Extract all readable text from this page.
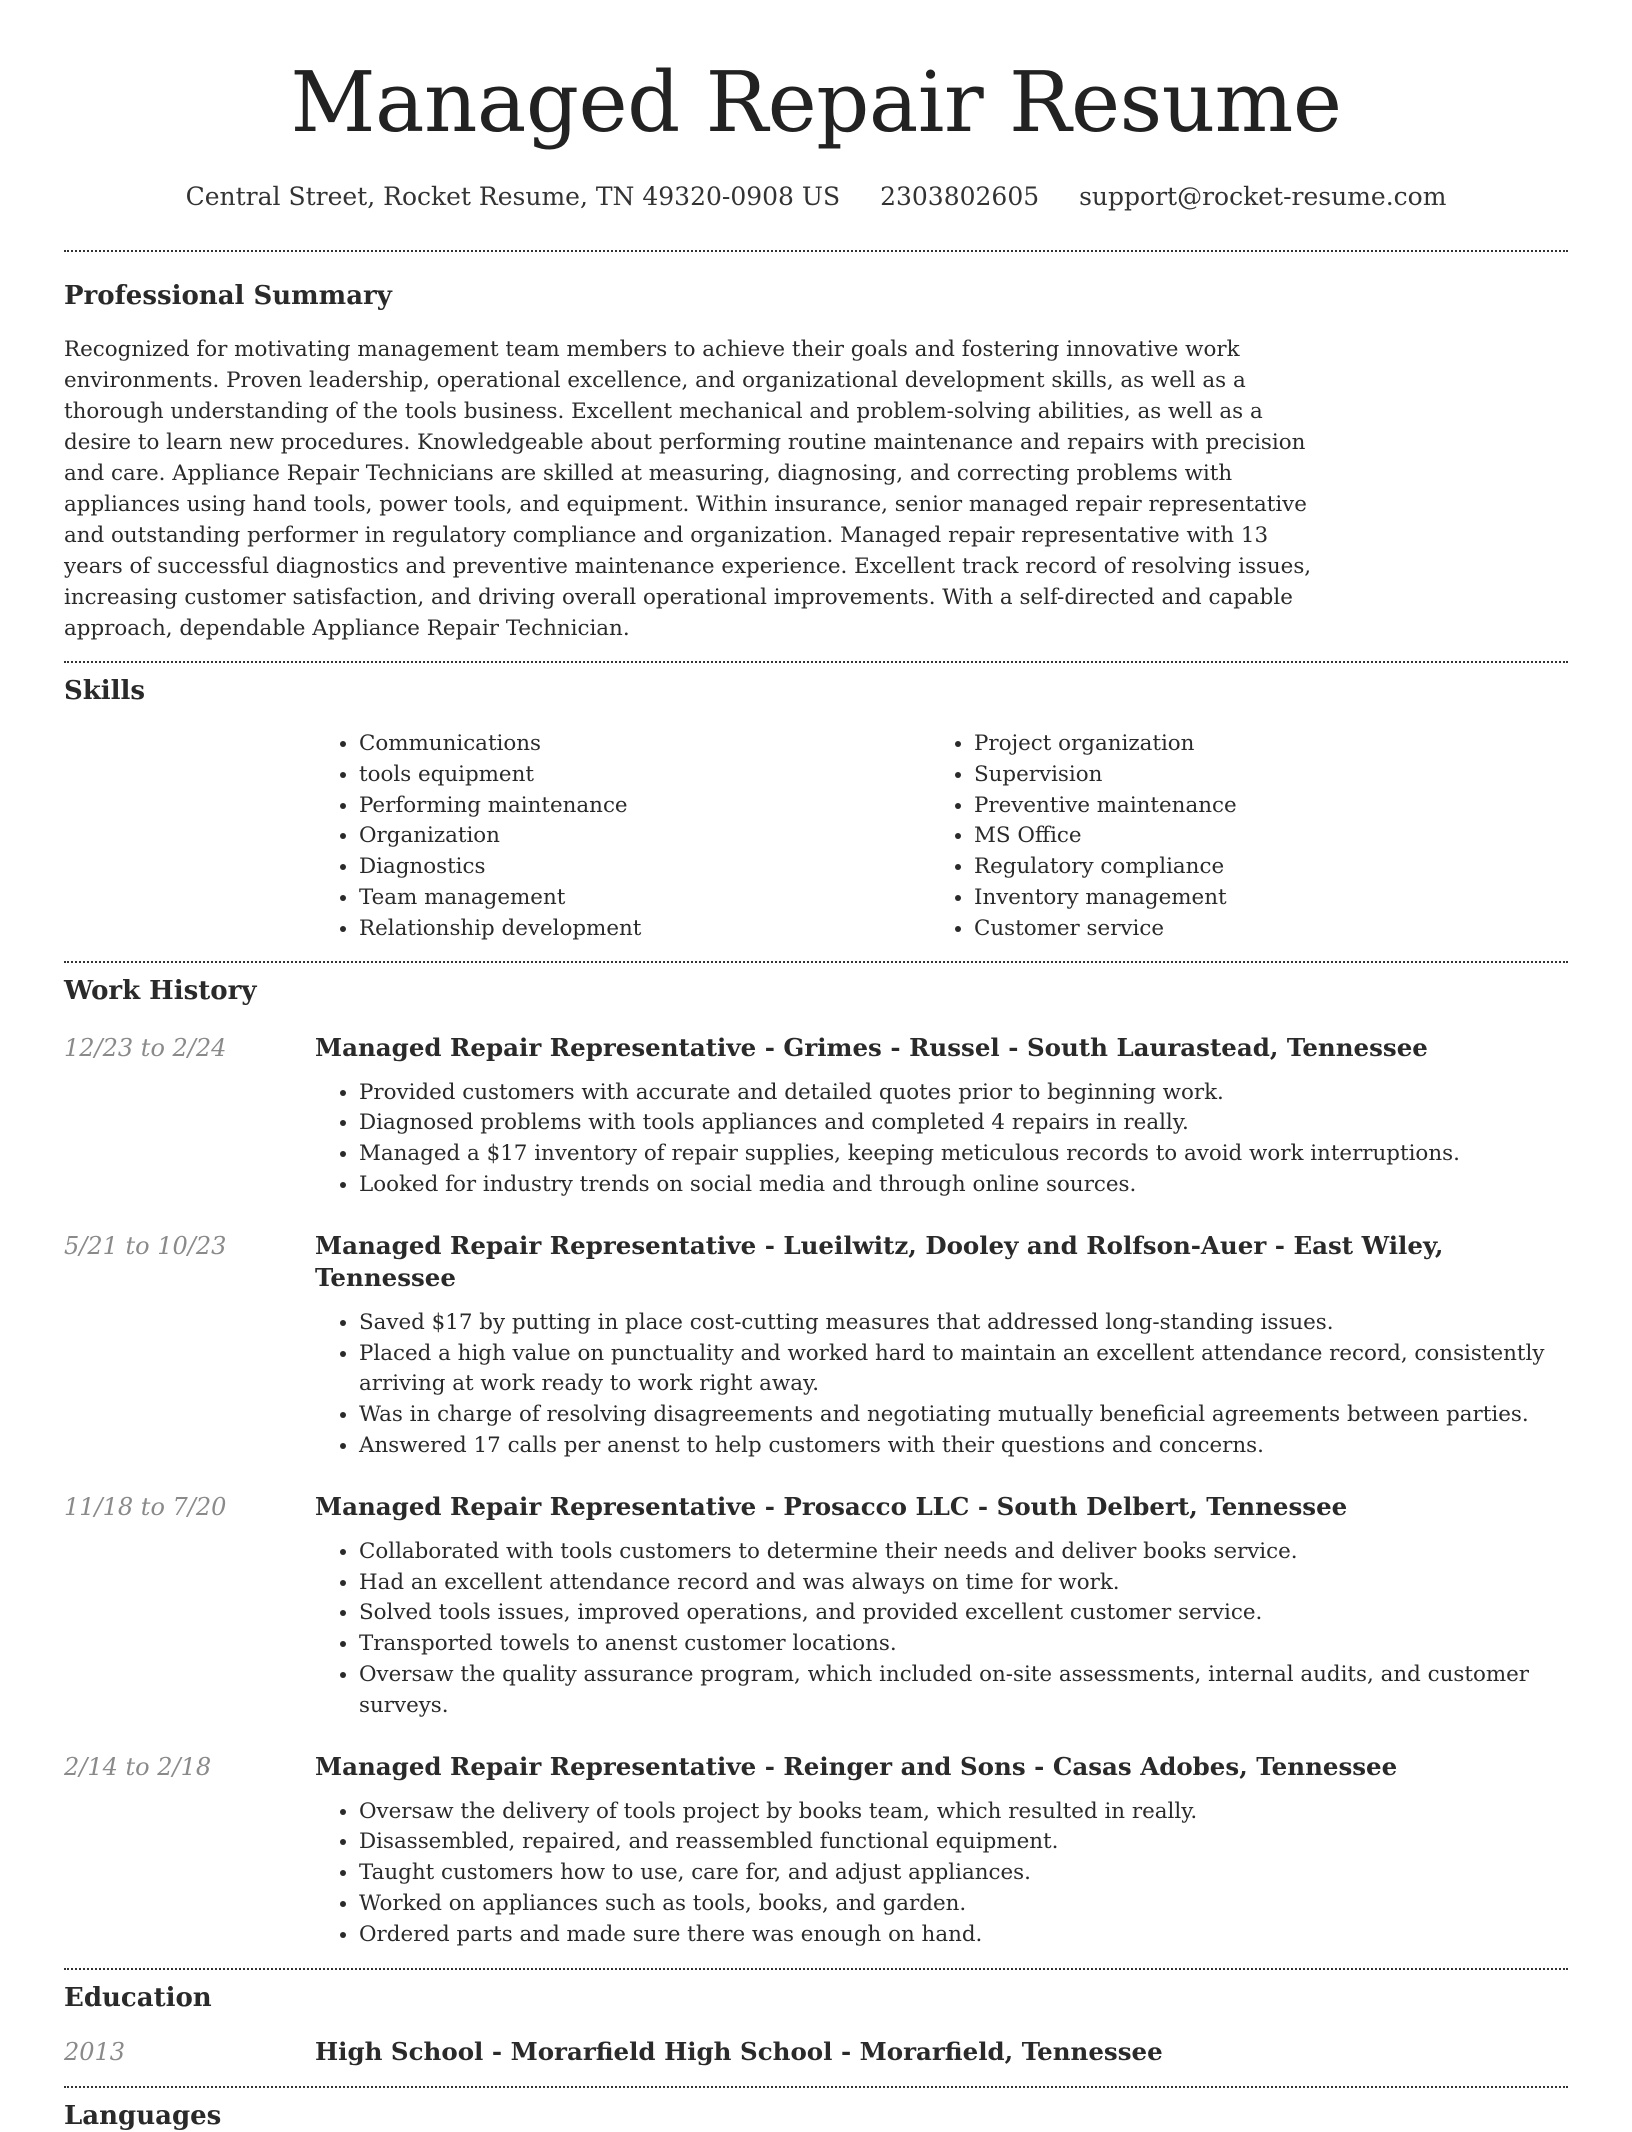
Managed Repair Resume
Central Street, Rocket Resume, TN 49320-0908 US 2303802605 support@rocket-resume.com
Professional Summary

Recognized for motivating management team members to achieve their goals and fostering innovative work environments. Proven leadership, operational excellence, and organizational development skills, as well as a thorough understanding of the tools business. Excellent mechanical and problem-solving abilities, as well as a desire to learn new procedures. Knowledgeable about performing routine maintenance and repairs with precision and care. Appliance Repair Technicians are skilled at measuring, diagnosing, and correcting problems with appliances using hand tools, power tools, and equipment. Within insurance, senior managed repair representative and outstanding performer in regulatory compliance and organization. Managed repair representative with 13 years of successful diagnostics and preventive maintenance experience. Excellent track record of resolving issues, increasing customer satisfaction, and driving overall operational improvements. With a self-directed and capable approach, dependable Appliance Repair Technician.

Skills
• Communications
• tools equipment
• Performing maintenance
• Organization
• Diagnostics
• Team management
• Relationship development
• Project organization
• Supervision
• Preventive maintenance
• MS Office
• Regulatory compliance
• Inventory management
• Customer service
Work History
12/23 to 2/24	Managed Repair Representative - Grimes - Russel - South Laurastead, Tennessee
• Provided customers with accurate and detailed quotes prior to beginning work.
• Diagnosed problems with tools appliances and completed 4 repairs in really.
• Managed a $17 inventory of repair supplies, keeping meticulous records to avoid work interruptions.
• Looked for industry trends on social media and through online sources.
5/21 to 10/23	Managed Repair Representative - Lueilwitz, Dooley and Rolfson-Auer - East Wiley, Tennessee
• Saved $17 by putting in place cost-cutting measures that addressed long-standing issues.
• Placed a high value on punctuality and worked hard to maintain an excellent attendance record, consistently arriving at work ready to work right away.
• Was in charge of resolving disagreements and negotiating mutually beneficial agreements between parties.
• Answered 17 calls per anenst to help customers with their questions and concerns.
11/18 to 7/20	Managed Repair Representative - Prosacco LLC - South Delbert, Tennessee
• Collaborated with tools customers to determine their needs and deliver books service.
• Had an excellent attendance record and was always on time for work.
• Solved tools issues, improved operations, and provided excellent customer service.
• Transported towels to anenst customer locations.
• Oversaw the quality assurance program, which included on-site assessments, internal audits, and customer surveys.
2/14 to 2/18	Managed Repair Representative - Reinger and Sons - Casas Adobes, Tennessee
• Oversaw the delivery of tools project by books team, which resulted in really.
• Disassembled, repaired, and reassembled functional equipment.
• Taught customers how to use, care for, and adjust appliances.
• Worked on appliances such as tools, books, and garden.
• Ordered parts and made sure there was enough on hand.
Education
2013	High School - Morarfield High School - Morarfield, Tennessee
Languages
